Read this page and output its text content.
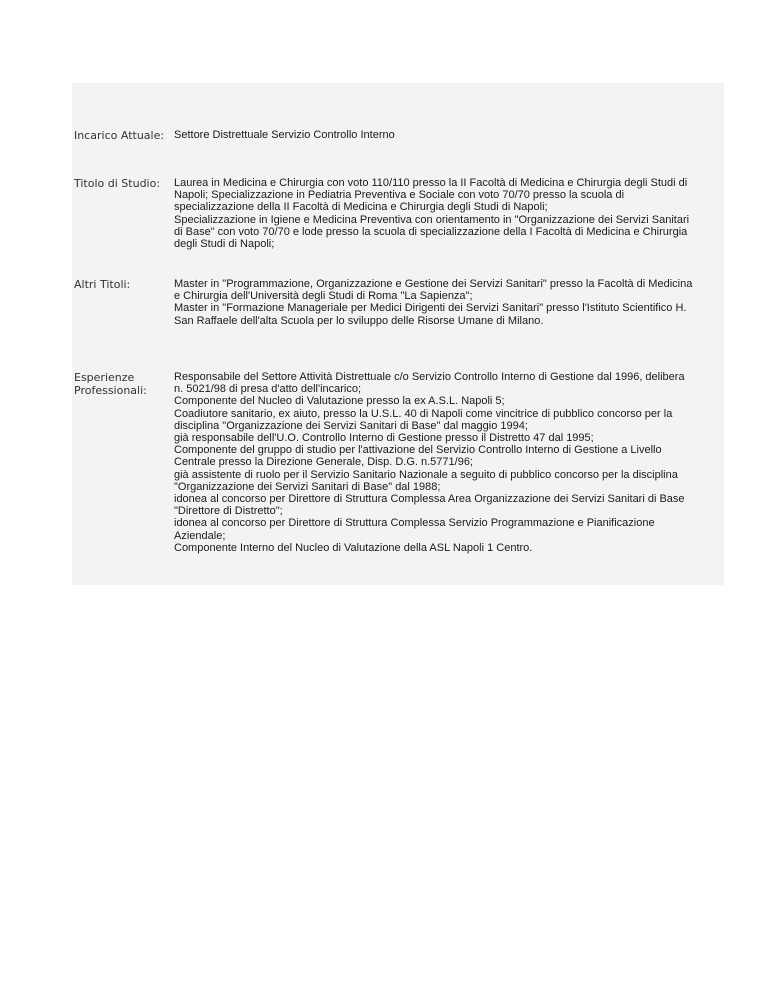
Incarico Attuale: Settore Distrettuale Servizio Controllo Interno
Titolo di Studio:	Laurea in Medicina e Chirurgia con voto 110/110 presso la II Facoltà di Medicina e Chirurgia degli Studi di
Napoli; Specializzazione in Pediatria Preventiva e Sociale con voto 70/70 presso la scuola di
specializzazione della II Facoltà di Medicina e Chirurgia degli Studi di Napoli;
Specializzazione in Igiene e Medicina Preventiva con orientamento in "Organizzazione dei Servizi Sanitari
di Base" con voto 70/70 e lode presso la scuola di specializzazione della I Facoltà di Medicina e Chirurgia
degli Studi di Napoli;
Altri Titoli:	Master in "Programmazione, Organizzazione e Gestione dei Servizi Sanitari" presso la Facoltà di Medicina
e Chirurgia dell'Università degli Studi di Roma "La Sapienza";
Master in "Formazione Manageriale per Medici Dirigenti dei Servizi Sanitari" presso l'Istituto Scientifico H.
San Raffaele dell'alta Scuola per lo sviluppo delle Risorse Umane di Milano.
Esperienze Professionali:
Responsabile del Settore Attività Distrettuale c/o Servizio Controllo Interno di Gestione dal 1996, delibera
n. 5021/98 di presa d'atto dell'incarico;
Componente del Nucleo di Valutazione presso la ex A.S.L. Napoli 5;
Coadiutore sanitario, ex aiuto, presso la U.S.L. 40 di Napoli come vincitrice di pubblico concorso per la
disciplina "Organizzazione dei Servizi Sanitari di Base" dal maggio 1994;
già responsabile dell'U.O. Controllo Interno di Gestione presso il Distretto 47 dal 1995;
Componente del gruppo di studio per l'attivazione del Servizio Controllo Interno di Gestione a Livello
Centrale presso la Direzione Generale, Disp. D.G. n.5771/96;
già assistente di ruolo per il Servizio Sanitario Nazionale a seguito di pubblico concorso per la disciplina
"Organizzazione dei Servizi Sanitari di Base" dal 1988;
idonea al concorso per Direttore di Struttura Complessa Area Organizzazione dei Servizi Sanitari di Base
"Direttore di Distretto";
idonea al concorso per Direttore di Struttura Complessa Servizio Programmazione e Pianificazione
Aziendale;
Componente Interno del Nucleo di Valutazione della ASL Napoli 1 Centro.
